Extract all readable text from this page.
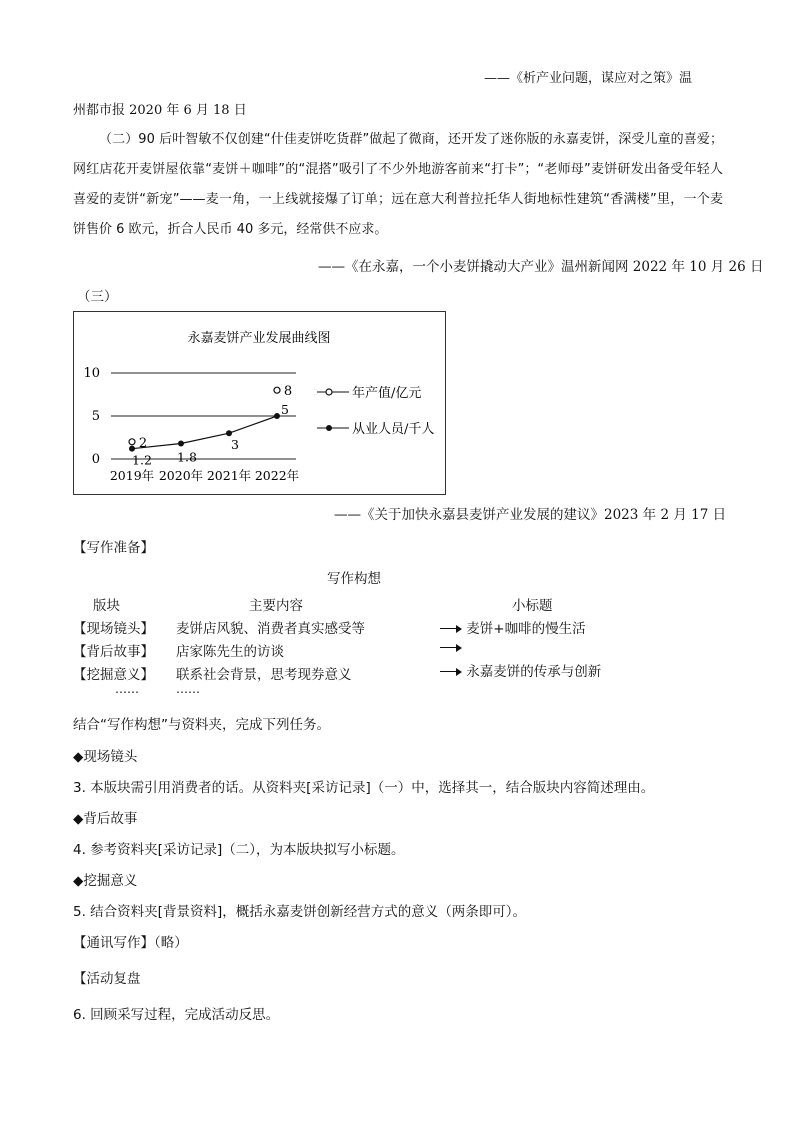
——《析产业问题，谋应对之策》温
州都市报 2020 年 6 月 18 日
（二）90 后叶智敏不仅创建“什佳麦饼吃货群”做起了微商，还开发了迷你版的永嘉麦饼，深受儿童的喜爱；网红店花开麦饼屋依靠“麦饼＋咖啡”的“混搭”吸引了不少外地游客前来“打卡”；“老师母”麦饼研发出备受年轻人喜爱的麦饼“新宠”——麦一角，一上线就接爆了订单；远在意大利普拉托华人街地标性建筑“香满楼”里，一个麦饼售价 6 欧元，折合人民币 40 多元，经常供不应求。
——《在永嘉，一个小麦饼撬动大产业》温州新闻网 2022 年 10 月 26 日
（三）
永嘉麦饼产业发展曲线图
0
5
10
2019年 2020年 2021年 2022年
1.2 1.8
3
5
2
8	年产值/亿元
从业人员/千人
——《关于加快永嘉县麦饼产业发展的建议》2023 年 2 月 17 日
【写作准备】
写作构想
版块	主要内容	小标题
【现场镜头】 麦饼店风貌、消费者真实感受等	麦饼+咖啡的慢生活
【背后故事】 店家陈先生的访谈
【挖掘意义】 联系社会背景，思考现券意义	永嘉麦饼的传承与创新
……	……
结合“写作构想”与资料夹，完成下列任务。
◆现场镜头
3. 本版块需引用消费者的话。从资料夹[采访记录]（一）中，选择其一，结合版块内容简述理由。
◆背后故事
4. 参考资料夹[采访记录]（二），为本版块拟写小标题。
◆挖掘意义
5. 结合资料夹[背景资料]，概括永嘉麦饼创新经营方式的意义（两条即可）。
【通讯写作】（略）
【活动复盘
6. 回顾采写过程，完成活动反思。
